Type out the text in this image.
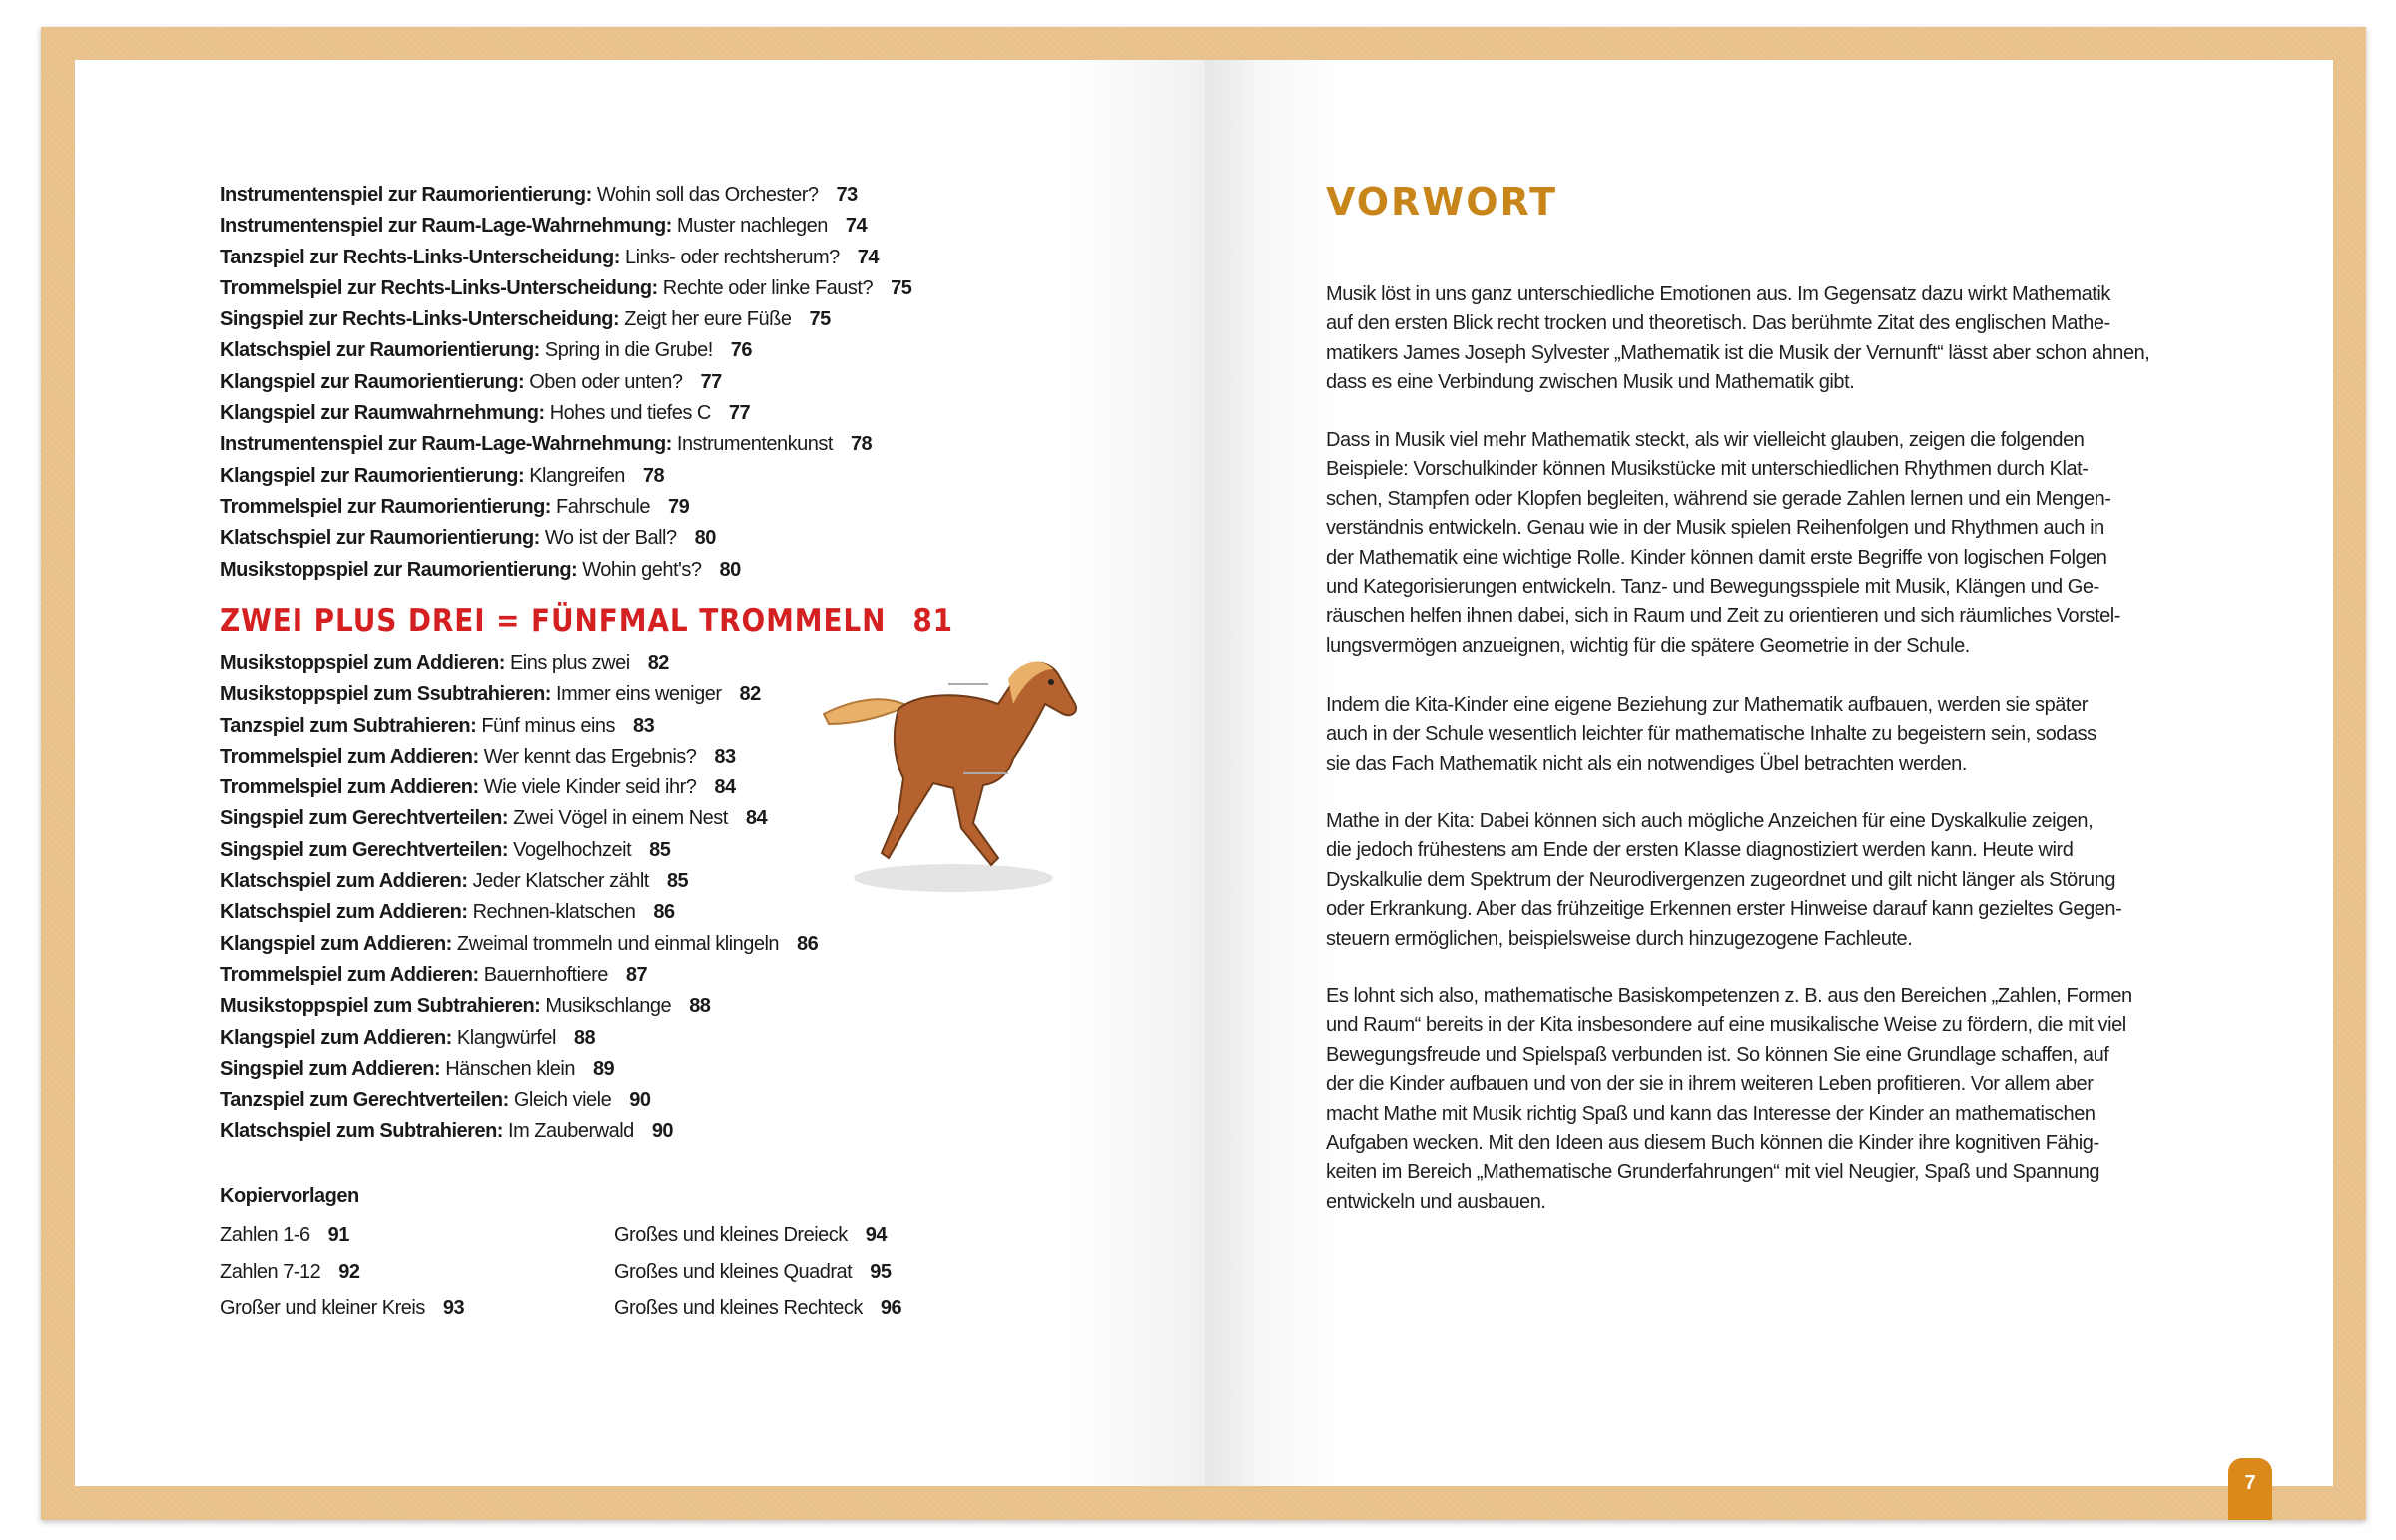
Instrumentenspiel zur Raumorientierung: Wohin soll das Orchester? 73
Instrumentenspiel zur Raum-Lage-Wahrnehmung: Muster nachlegen 74
Tanzspiel zur Rechts-Links-Unterscheidung: Links- oder rechtsherum? 74
Trommelspiel zur Rechts-Links-Unterscheidung: Rechte oder linke Faust? 75
Singspiel zur Rechts-Links-Unterscheidung: Zeigt her eure Füße 75
Klatschspiel zur Raumorientierung: Spring in die Grube! 76
Klangspiel zur Raumorientierung: Oben oder unten? 77
Klangspiel zur Raumwahrnehmung: Hohes und tiefes C 77
Instrumentenspiel zur Raum-Lage-Wahrnehmung: Instrumentenkunst 78
Klangspiel zur Raumorientierung: Klangreifen 78
Trommelspiel zur Raumorientierung: Fahrschule 79
Klatschspiel zur Raumorientierung: Wo ist der Ball? 80
Musikstoppspiel zur Raumorientierung: Wohin geht's? 80
ZWEI PLUS DREI = FÜNFMAL TROMMELN 81
Musikstoppspiel zum Addieren: Eins plus zwei 82
Musikstoppspiel zum Ssubtrahieren: Immer eins weniger 82
Tanzspiel zum Subtrahieren: Fünf minus eins 83
Trommelspiel zum Addieren: Wer kennt das Ergebnis? 83
Trommelspiel zum Addieren: Wie viele Kinder seid ihr? 84
Singspiel zum Gerechtverteilen: Zwei Vögel in einem Nest 84
Singspiel zum Gerechtverteilen: Vogelhochzeit 85
Klatschspiel zum Addieren: Jeder Klatscher zählt 85
Klatschspiel zum Addieren: Rechnen-klatschen 86
Klangspiel zum Addieren: Zweimal trommeln und einmal klingeln 86
Trommelspiel zum Addieren: Bauernhoftiere 87
Musikstoppspiel zum Subtrahieren: Musikschlange 88
Klangspiel zum Addieren: Klangwürfel 88
Singspiel zum Addieren: Hänschen klein 89
Tanzspiel zum Gerechtverteilen: Gleich viele 90
Klatschspiel zum Subtrahieren: Im Zauberwald 90
Kopiervorlagen
Zahlen 1-6 91
Zahlen 7-12 92
Großer und kleiner Kreis 93
Großes und kleines Dreieck 94
Großes und kleines Quadrat 95
Großes und kleines Rechteck 96
VORWORT
Musik löst in uns ganz unterschiedliche Emotionen aus. Im Gegensatz dazu wirkt Mathematik
auf den ersten Blick recht trocken und theoretisch. Das berühmte Zitat des englischen Mathe-
matikers James Joseph Sylvester „Mathematik ist die Musik der Vernunft“ lässt aber schon ahnen,
dass es eine Verbindung zwischen Musik und Mathematik gibt.
Dass in Musik viel mehr Mathematik steckt, als wir vielleicht glauben, zeigen die folgenden
Beispiele: Vorschulkinder können Musikstücke mit unterschiedlichen Rhythmen durch Klat-
schen, Stampfen oder Klopfen begleiten, während sie gerade Zahlen lernen und ein Mengen-
verständnis entwickeln. Genau wie in der Musik spielen Reihenfolgen und Rhythmen auch in
der Mathematik eine wichtige Rolle. Kinder können damit erste Begriffe von logischen Folgen
und Kategorisierungen entwickeln. Tanz- und Bewegungsspiele mit Musik, Klängen und Ge-
räuschen helfen ihnen dabei, sich in Raum und Zeit zu orientieren und sich räumliches Vorstel-
lungsvermögen anzueignen, wichtig für die spätere Geometrie in der Schule.
Indem die Kita-Kinder eine eigene Beziehung zur Mathematik aufbauen, werden sie später
auch in der Schule wesentlich leichter für mathematische Inhalte zu begeistern sein, sodass
sie das Fach Mathematik nicht als ein notwendiges Übel betrachten werden.
Mathe in der Kita: Dabei können sich auch mögliche Anzeichen für eine Dyskalkulie zeigen,
die jedoch frühestens am Ende der ersten Klasse diagnostiziert werden kann. Heute wird
Dyskalkulie dem Spektrum der Neurodivergenzen zugeordnet und gilt nicht länger als Störung
oder Erkrankung. Aber das frühzeitige Erkennen erster Hinweise darauf kann gezieltes Gegen-
steuern ermöglichen, beispielsweise durch hinzugezogene Fachleute.
Es lohnt sich also, mathematische Basiskompetenzen z. B. aus den Bereichen „Zahlen, Formen
und Raum“ bereits in der Kita insbesondere auf eine musikalische Weise zu fördern, die mit viel
Bewegungsfreude und Spielspaß verbunden ist. So können Sie eine Grundlage schaffen, auf
der die Kinder aufbauen und von der sie in ihrem weiteren Leben profitieren. Vor allem aber
macht Mathe mit Musik richtig Spaß und kann das Interesse der Kinder an mathematischen
Aufgaben wecken. Mit den Ideen aus diesem Buch können die Kinder ihre kognitiven Fähig-
keiten im Bereich „Mathematische Grunderfahrungen“ mit viel Neugier, Spaß und Spannung
entwickeln und ausbauen.
7
